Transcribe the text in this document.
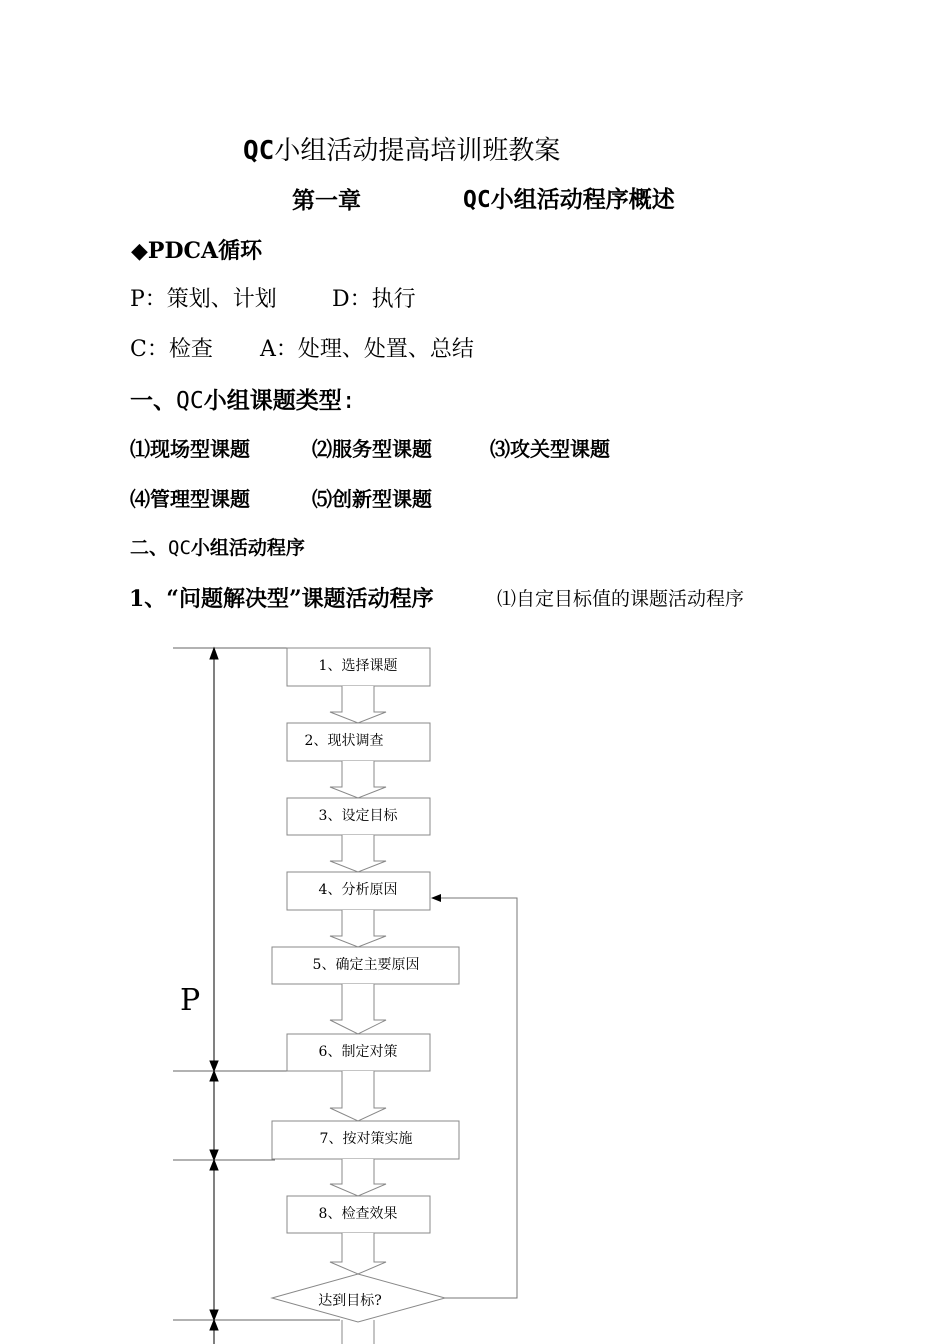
QC小组活动提高培训班教案
第一章	QC小组活动程序概述
◆PDCA循环
P：策划、计划	D：执行
C：检查 A：处理、处置、总结
一、QC小组课题类型:
⑴现场型课题	⑵服务型课题	⑶攻关型课题
⑷管理型课题	⑸创新型课题
二、QC小组活动程序
1、“问题解决型”课题活动程序	⑴自定目标值的课题活动程序
P
1、选择课题
2、现状调查
3、设定目标
4、分析原因
5、确定主要原因
6、制定对策
7、按对策实施
8、检查效果
达到目标?
